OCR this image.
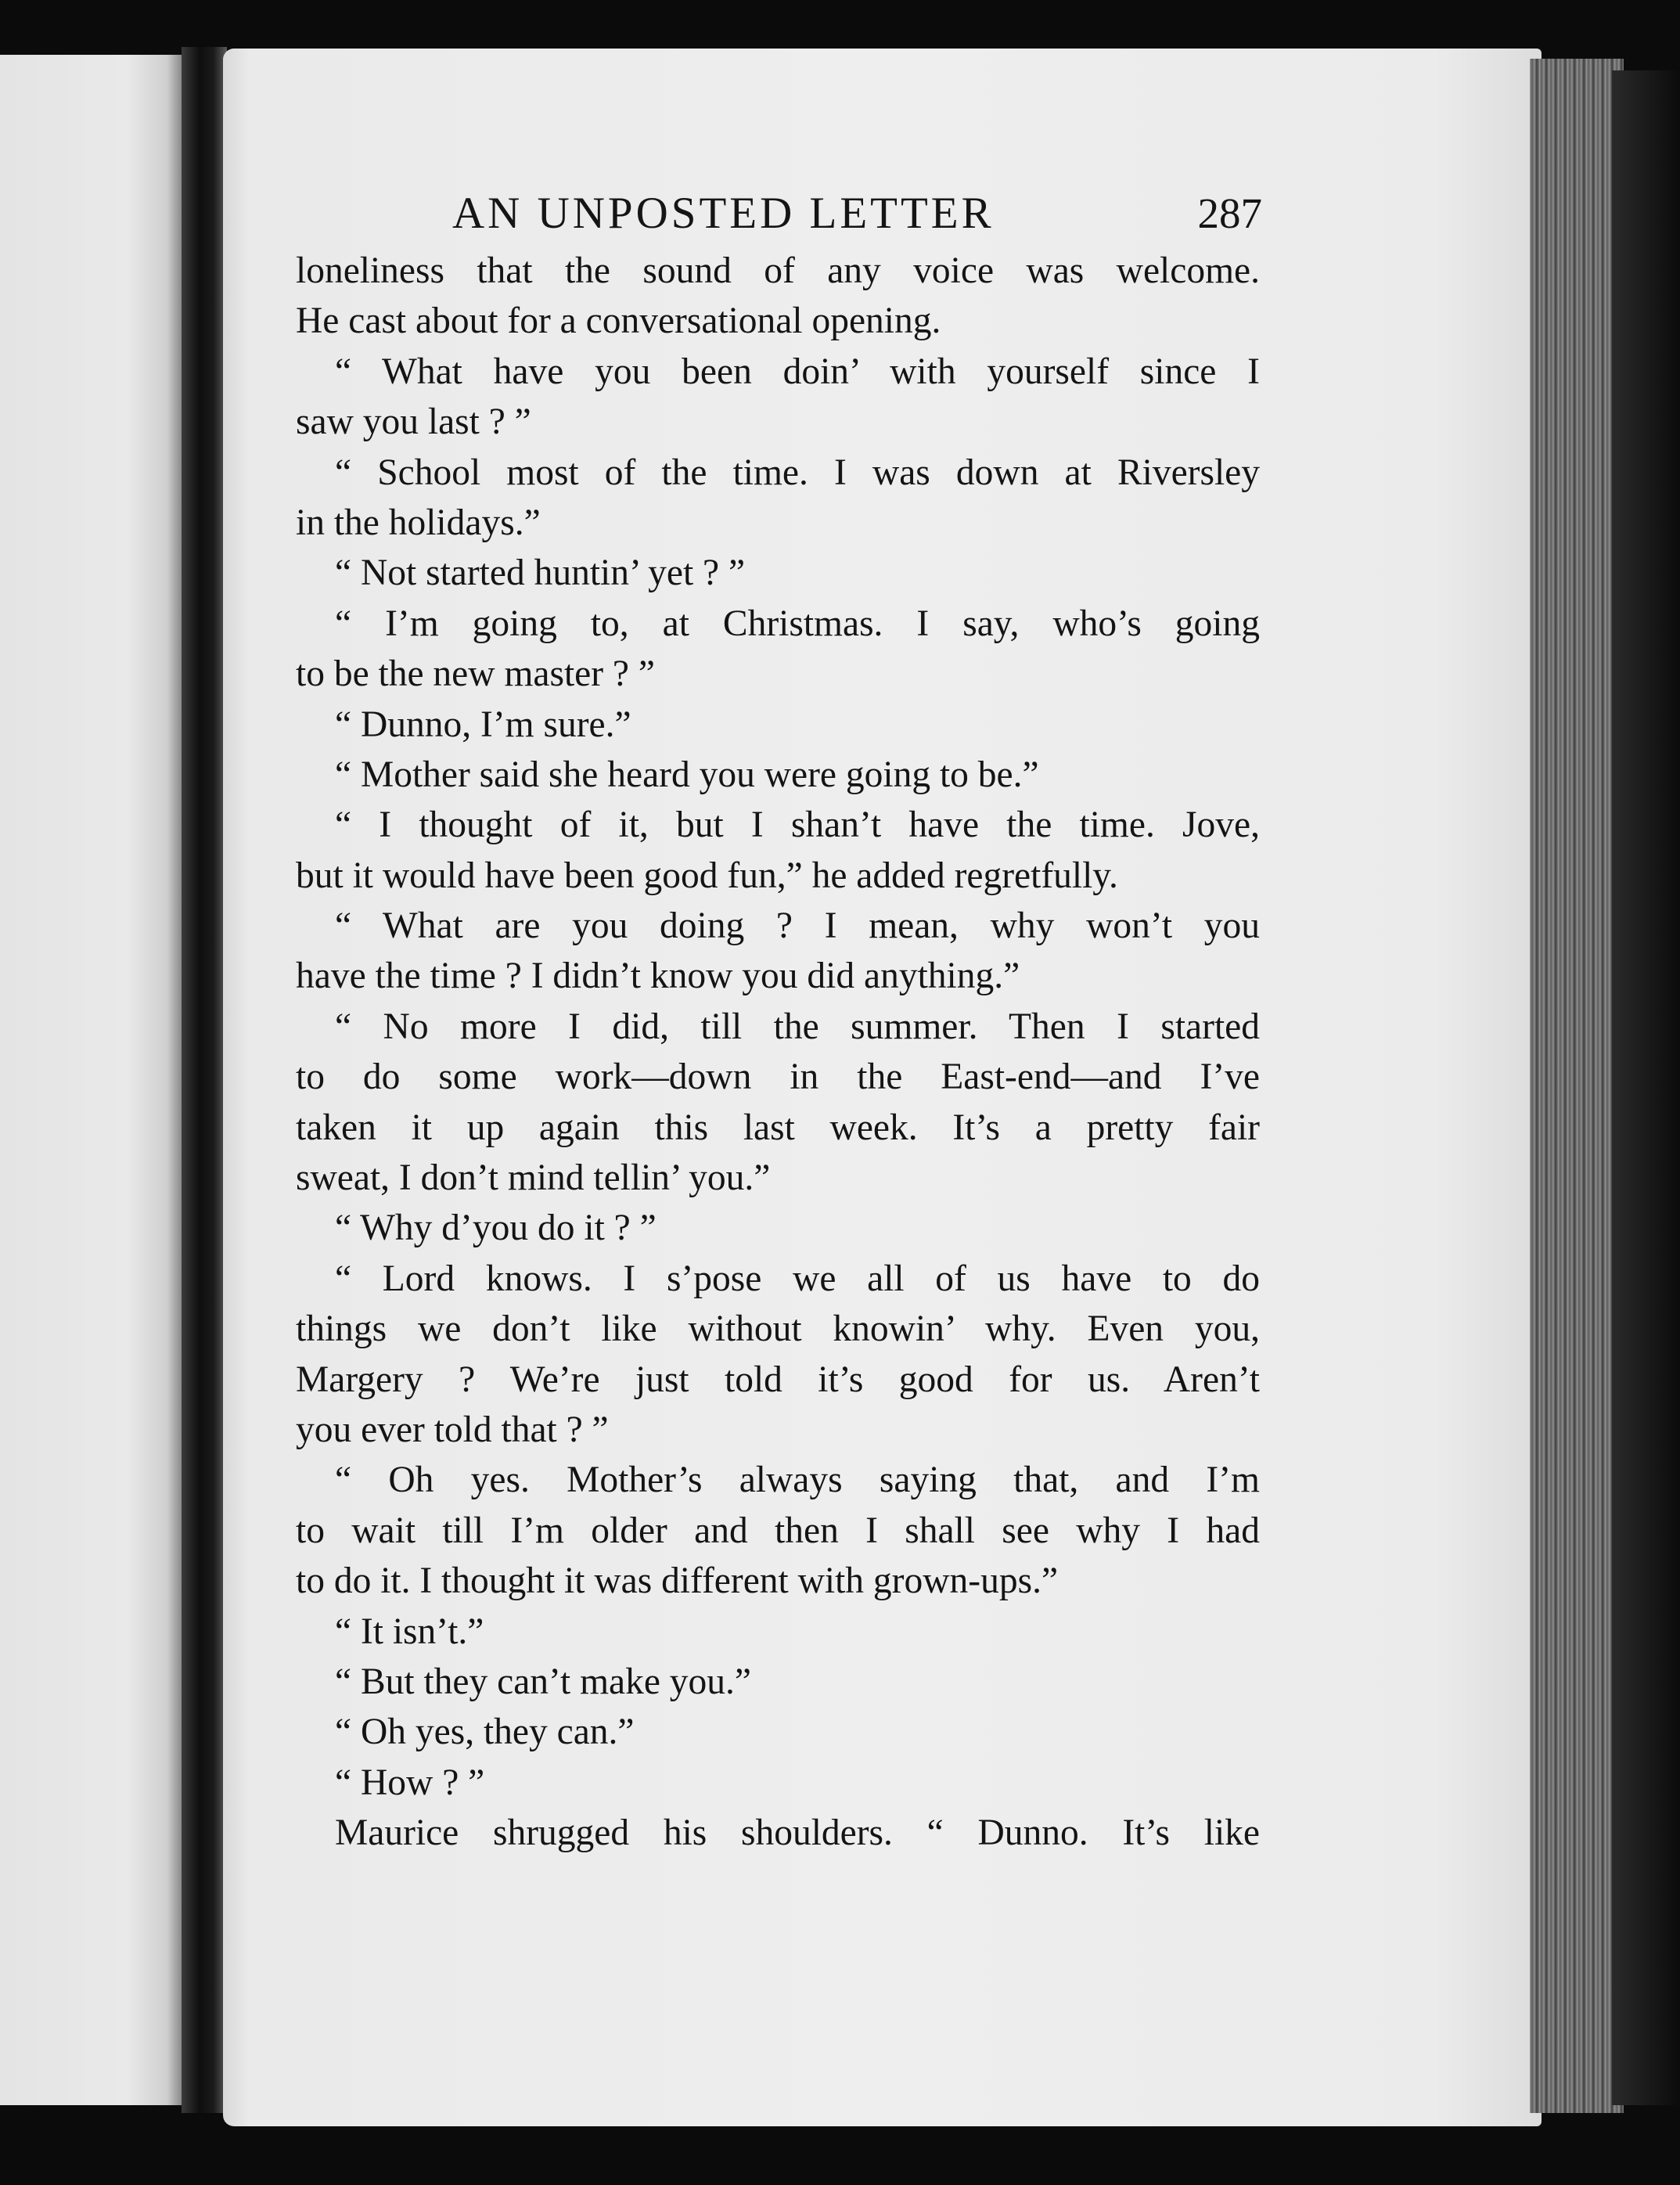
AN UNPOSTED LETTER	287
loneliness that the sound of any voice was welcome.
He cast about for a conversational opening.
“ What have you been doin’ with yourself since I
saw you last ? ”
“ School most of the time. I was down at Riversley
in the holidays.”
“ Not started huntin’ yet ? ”
“ I’m going to, at Christmas. I say, who’s going
to be the new master ? ”
“ Dunno, I’m sure.”
“ Mother said she heard you were going to be.”
“ I thought of it, but I shan’t have the time. Jove,
but it would have been good fun,” he added regretfully.
“ What are you doing ? I mean, why won’t you
have the time ? I didn’t know you did anything.”
“ No more I did, till the summer. Then I started
to do some work—down in the East-end—and I’ve
taken it up again this last week. It’s a pretty fair
sweat, I don’t mind tellin’ you.”
“ Why d’you do it ? ”
“ Lord knows. I s’pose we all of us have to do
things we don’t like without knowin’ why. Even you,
Margery ? We’re just told it’s good for us. Aren’t
you ever told that ? ”
“ Oh yes. Mother’s always saying that, and I’m
to wait till I’m older and then I shall see why I had
to do it. I thought it was different with grown-ups.”
“ It isn’t.”
“ But they can’t make you.”
“ Oh yes, they can.”
“ How ? ”
Maurice shrugged his shoulders. “ Dunno. It’s like
